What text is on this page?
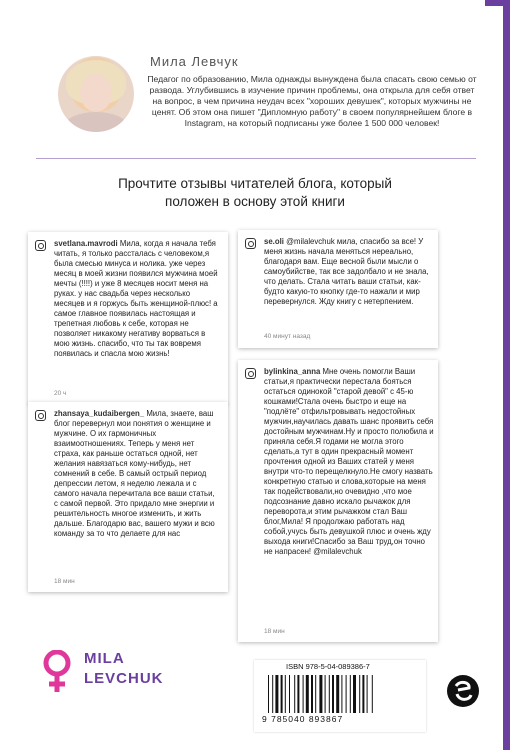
Мила Левчук
Педагог по образованию, Мила однажды вынуждена была спасать свою семью от развода. Углубившись в изучение причин проблемы, она открыла для себя ответ на вопрос, в чем причина неудач всех "хороших девушек", которых мужчины не ценят. Об этом она пишет "Дипломную работу" в своем популярнейшем блоге в Instagram, на который подписаны уже более 1 500 000 человек!
Прочтите отзывы читателей блога, который положен в основу этой книги
svetlana.mavrodi Мила, когда я начала тебя читать, я только рассталась с человеком,я была смесью минуса и нолика. уже через месяц в моей жизни появился мужчина моей мечты (!!!!) и уже 8 месяцев носит меня на руках. у нас свадьба через несколько месяцев и я горжусь быть женщиной-плюс! а самое главное появилась настоящая и трепетная любовь к себе, которая не позволяет никакому негативу ворваться в мою жизнь. спасибо, что ты так вовремя появилась и спасла мою жизнь!
20 ч
se.oli @milalevchuk мила, спасибо за все! У меня жизнь начала меняться нереально, благодаря вам. Еще весной были мысли о самоубийстве, так все задолбало и не знала, что делать. Стала читать ваши статьи, как-будто какую-то кнопку где-то нажали и мир перевернулся. Жду книгу с нетерпением.
40 минут назад
zhansaya_kudaibergen_ Мила, знаете, ваш блог перевернул мои понятия о женщине и мужчине. О их гармоничных взаимоотношениях. Теперь у меня нет страха, как раньше остаться одной, нет желания навязаться кому-нибудь, нет сомнений в себе. В самый острый период депрессии летом, я неделю лежала и с самого начала перечитала все ваши статьи, с самой первой. Это придало мне энергии и решительность многое изменить, и жить дальше. Благодарю вас, вашего мужи и всю команду за то что делаете для нас
18 мин
bylinkina_anna Мне очень помогли Ваши статьи,я практически перестала бояться остаться одинокой "старой девой" с 45-ю кошками!Стала очень быстро и еще на "подлёте" отфильтровывать недостойных мужчин,научилась давать шанс проявить себя достойным мужчинам.Ну и просто полюбила и приняла себя.Я годами не могла этого сделать,а тут в один прекрасный момент прочтения одной из Ваших статей у меня внутри что-то перещелкнуло.Не смогу назвать конкретную статью и слова,которые на меня так подействовали,но очевидно ,что мое подсознание давно искало рычажок для переворота,и этим рычажком стал Ваш блог,Мила! Я продолжаю работать над собой,учусь быть девушкой плюс и очень жду выхода книги!Спасибо за Ваш труд,он точно не напрасен! @milalevchuk
18 мин
MILA
LEVCHUK
ISBN 978-5-04-089386-7
9 785040 893867
